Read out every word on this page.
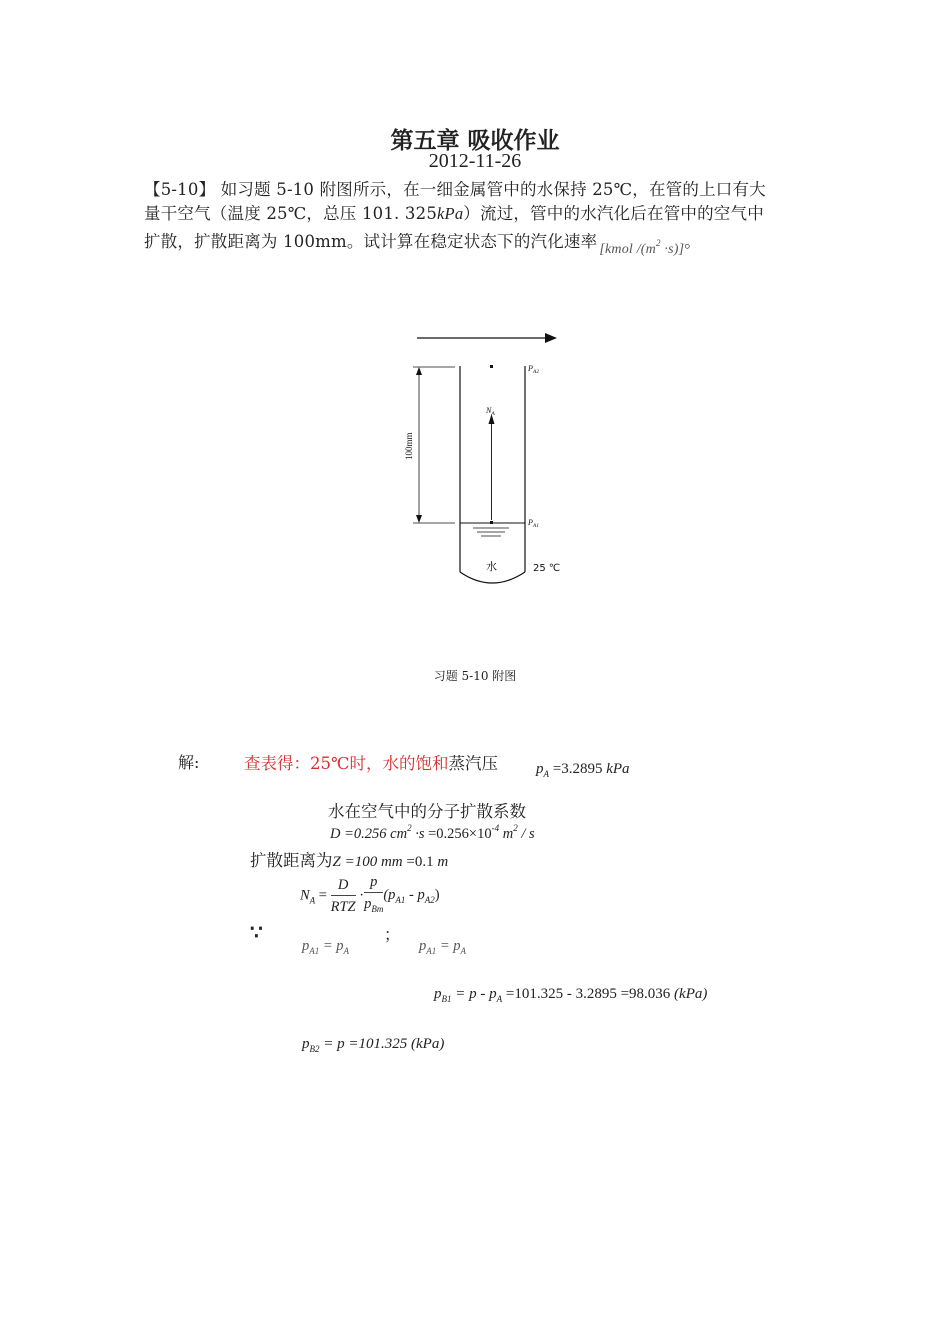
第五章 吸收作业
2012-11-26
【5-10】 如习题 5-10 附图所示，在一细金属管中的水保持 25℃，在管的上口有大
量干空气（温度 25℃，总压 101. 325kPa）流过，管中的水汽化后在管中的空气中
扩散，扩散距离为 100mm。试计算在稳定状态下的汽化速率 $_{[kmol /(m^2 \cdot s)]}$。
100mm
$N_A$
水
$P_{A2}$
$P_{A1}$
25 ℃
习题 5-10 附图
解:	查表得：25℃时，水的饱和蒸汽压	$p_A =3.2895$ kPa
水在空气中的分子扩散系数
D =0.256 $cm^2 \cdot s =0.256\times 10^{-4}$ $m^2$ / s
扩散距离为Z =100 mm =0.1 m
$N_A = \frac{D}{\text{RTZ}} \cdot \frac{p}{p_{Bm}} (p_{A1} - p_{A2})$
∵
$p_{A1} = p_A$
；
$p_{A1} = p_A$
$p_{B1} = p - p_A =101.325 - 3.2895 =98.036$ (kPa)
$p_{B2} = p =101.325$ (kPa)
